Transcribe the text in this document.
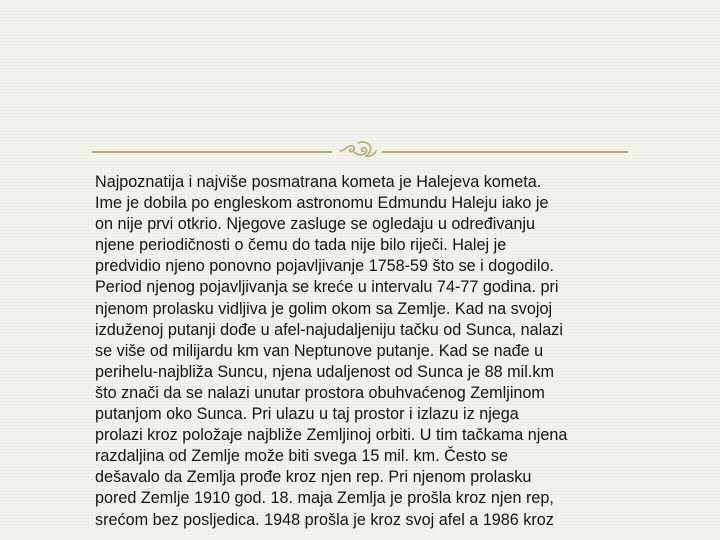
Najpoznatija i najviše posmatrana kometa je Halejeva kometa.
Ime je dobila po engleskom astronomu Edmundu Haleju iako je
on nije prvi otkrio. Njegove zasluge se ogledaju u određivanju
njene periodičnosti o čemu do tada nije bilo riječi. Halej je
predvidio njeno ponovno pojavljivanje 1758-59 što se i dogodilo.
Period njenog pojavljivanja se kreće u intervalu 74-77 godina. pri
njenom prolasku vidljiva je golim okom sa Zemlje. Kad na svojoj
izduženoj putanji dođe u afel-najudaljeniju tačku od Sunca, nalazi
se više od milijardu km van Neptunove putanje. Kad se nađe u
perihelu-najbliža Suncu, njena udaljenost od Sunca je 88 mil.km
što znači da se nalazi unutar prostora obuhvaćenog Zemljinom
putanjom oko Sunca. Pri ulazu u taj prostor i izlazu iz njega
prolazi kroz položaje najbliže Zemljinoj orbiti. U tim tačkama njena
razdaljina od Zemlje može biti svega 15 mil. km. Često se
dešavalo da Zemlja prođe kroz njen rep. Pri njenom prolasku
pored Zemlje 1910 god. 18. maja Zemlja je prošla kroz njen rep,
srećom bez posljedica. 1948 prošla je kroz svoj afel a 1986 kroz
